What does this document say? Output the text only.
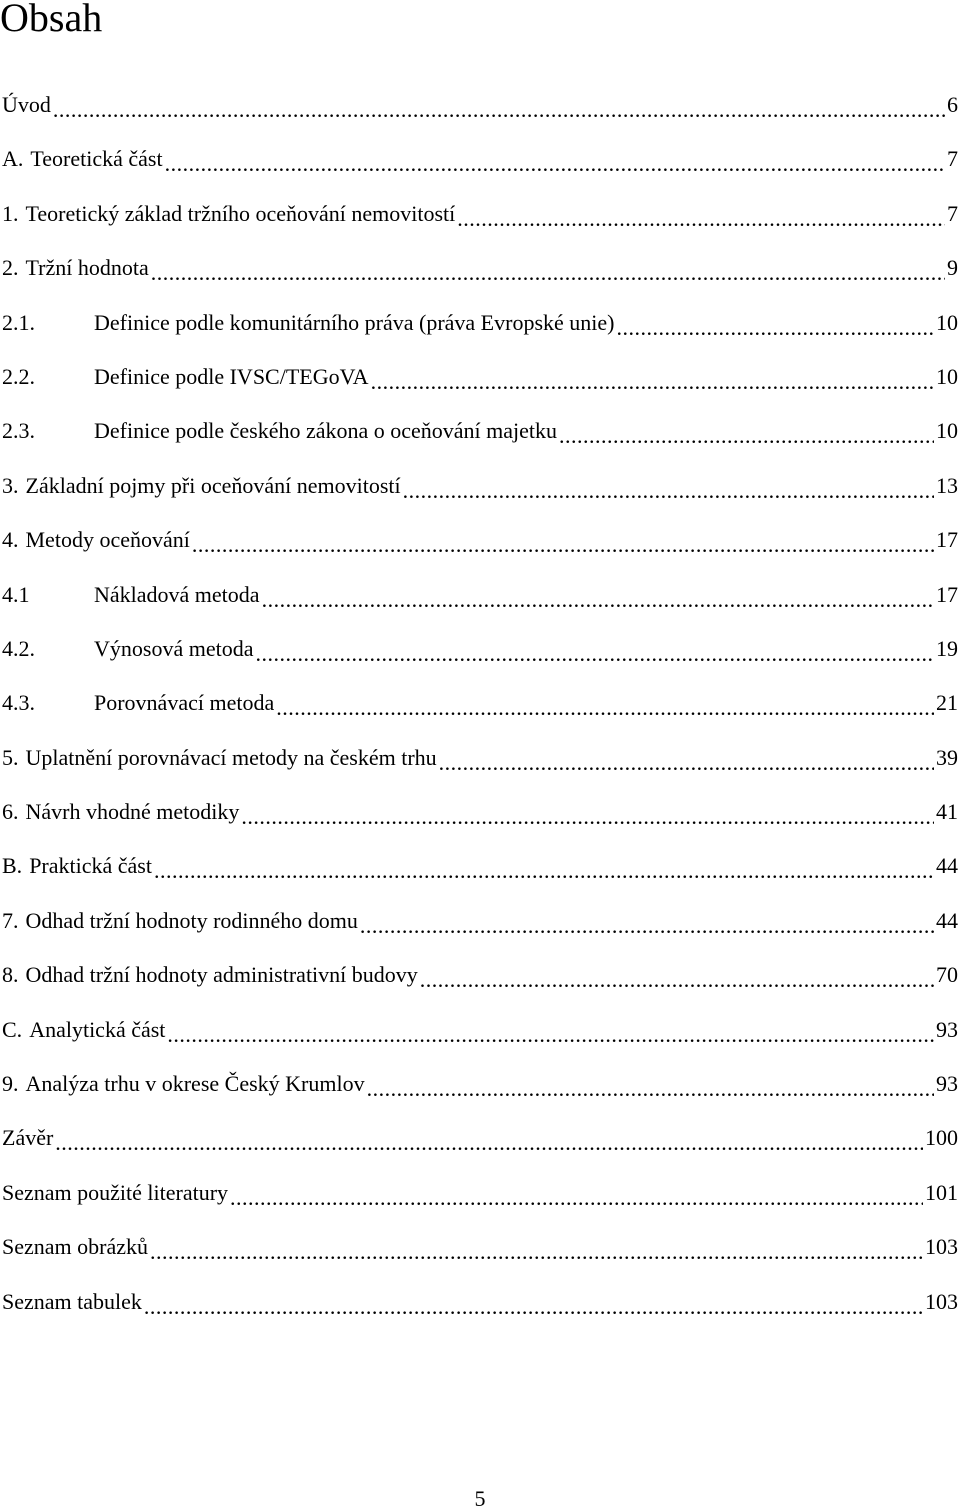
Obsah
Úvod .....	6
A. Teoretická část .....	7
1. Teoretický základ tržního oceňování nemovitostí .....	7
2. Tržní hodnota .....	9
2.1.	Definice podle komunitárního práva (práva Evropské unie) .....	10
2.2.	Definice podle IVSC/TEGoVA .....	10
2.3.	Definice podle českého zákona o oceňování majetku .....	10
3. Základní pojmy při oceňování nemovitostí .....	13
4. Metody oceňování .....	17
4.1	Nákladová metoda .....	17
4.2.	Výnosová metoda .....	19
4.3.	Porovnávací metoda .....	21
5. Uplatnění porovnávací metody na českém trhu .....	39
6. Návrh vhodné metodiky .....	41
B. Praktická část .....	44
7. Odhad tržní hodnoty rodinného domu .....	44
8. Odhad tržní hodnoty administrativní budovy .....	70
C. Analytická část .....	93
9. Analýza trhu v okrese Český Krumlov .....	93
Závěr .....	100
Seznam použité literatury .....	101
Seznam obrázků .....	103
Seznam tabulek .....	103
5
